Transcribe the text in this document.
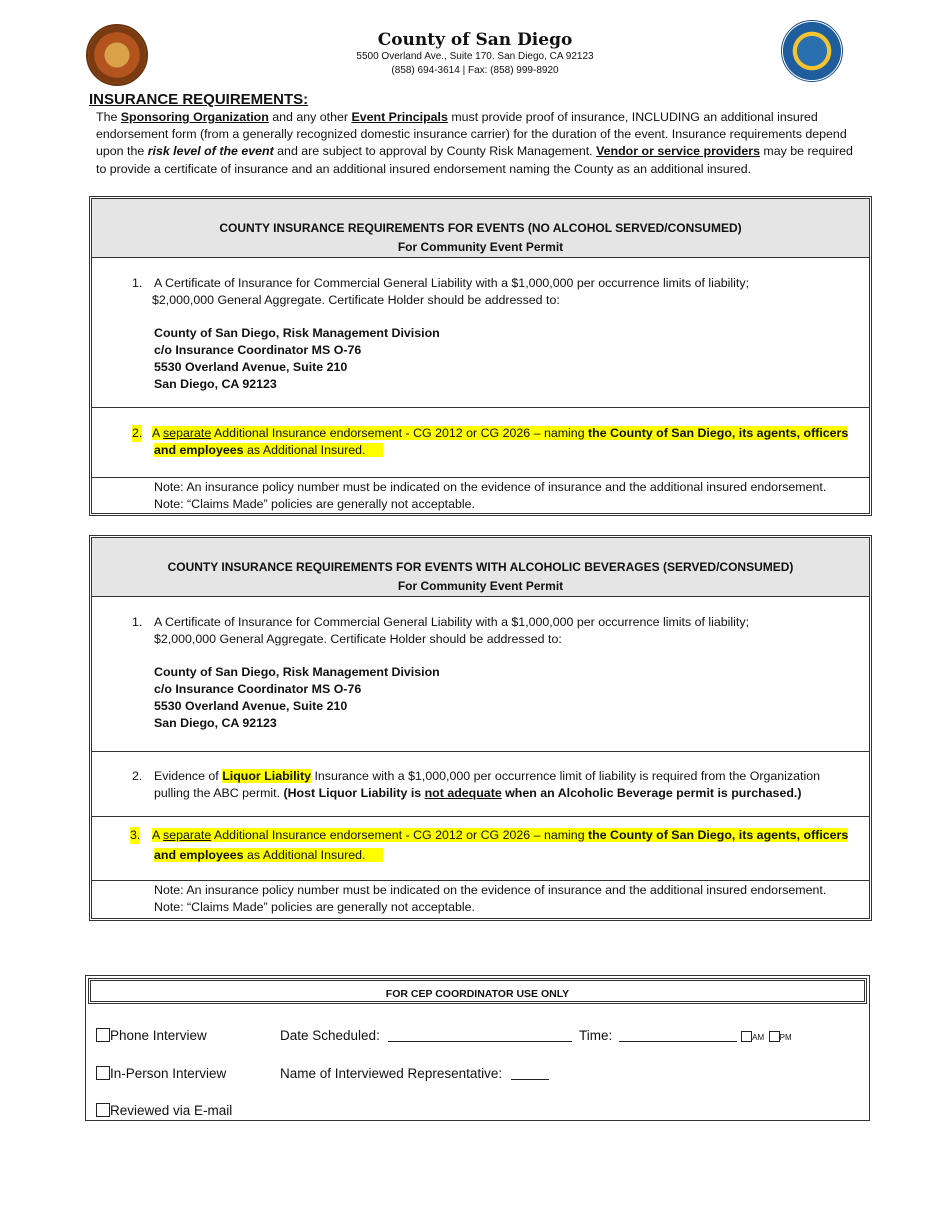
County of San Diego
5500 Overland Ave., Suite 170. San Diego, CA 92123
(858) 694-3614 | Fax: (858) 999-8920
INSURANCE REQUIREMENTS:
The Sponsoring Organization and any other Event Principals must provide proof of insurance, INCLUDING an additional insured endorsement form (from a generally recognized domestic insurance carrier) for the duration of the event. Insurance requirements depend upon the risk level of the event and are subject to approval by County Risk Management. Vendor or service providers may be required to provide a certificate of insurance and an additional insured endorsement naming the County as an additional insured.
COUNTY INSURANCE REQUIREMENTS FOR EVENTS (NO ALCOHOL SERVED/CONSUMED)
For Community Event Permit
1. A Certificate of Insurance for Commercial General Liability with a $1,000,000 per occurrence limits of liability;
$2,000,000 General Aggregate. Certificate Holder should be addressed to:
County of San Diego, Risk Management Division
c/o Insurance Coordinator MS O-76
5530 Overland Avenue, Suite 210
San Diego, CA 92123
2. A separate Additional Insurance endorsement - CG 2012 or CG 2026 – naming the County of San Diego, its agents, officers
and employees as Additional Insured.
Note: An insurance policy number must be indicated on the evidence of insurance and the additional insured endorsement.
Note: “Claims Made” policies are generally not acceptable.
COUNTY INSURANCE REQUIREMENTS FOR EVENTS WITH ALCOHOLIC BEVERAGES (SERVED/CONSUMED)
For Community Event Permit
1. A Certificate of Insurance for Commercial General Liability with a $1,000,000 per occurrence limits of liability;
$2,000,000 General Aggregate. Certificate Holder should be addressed to:
County of San Diego, Risk Management Division
c/o Insurance Coordinator MS O-76
5530 Overland Avenue, Suite 210
San Diego, CA 92123
2. Evidence of Liquor Liability Insurance with a $1,000,000 per occurrence limit of liability is required from the Organization
pulling the ABC permit. (Host Liquor Liability is not adequate when an Alcoholic Beverage permit is purchased.)
3. A separate Additional Insurance endorsement - CG 2012 or CG 2026 – naming the County of San Diego, its agents, officers
and employees as Additional Insured.
Note: An insurance policy number must be indicated on the evidence of insurance and the additional insured endorsement.
Note: “Claims Made” policies are generally not acceptable.
FOR CEP COORDINATOR USE ONLY
Phone Interview
In-Person Interview
Reviewed via E-mail
Date Scheduled:	Time:	AM PM
Name of Interviewed Representative:
